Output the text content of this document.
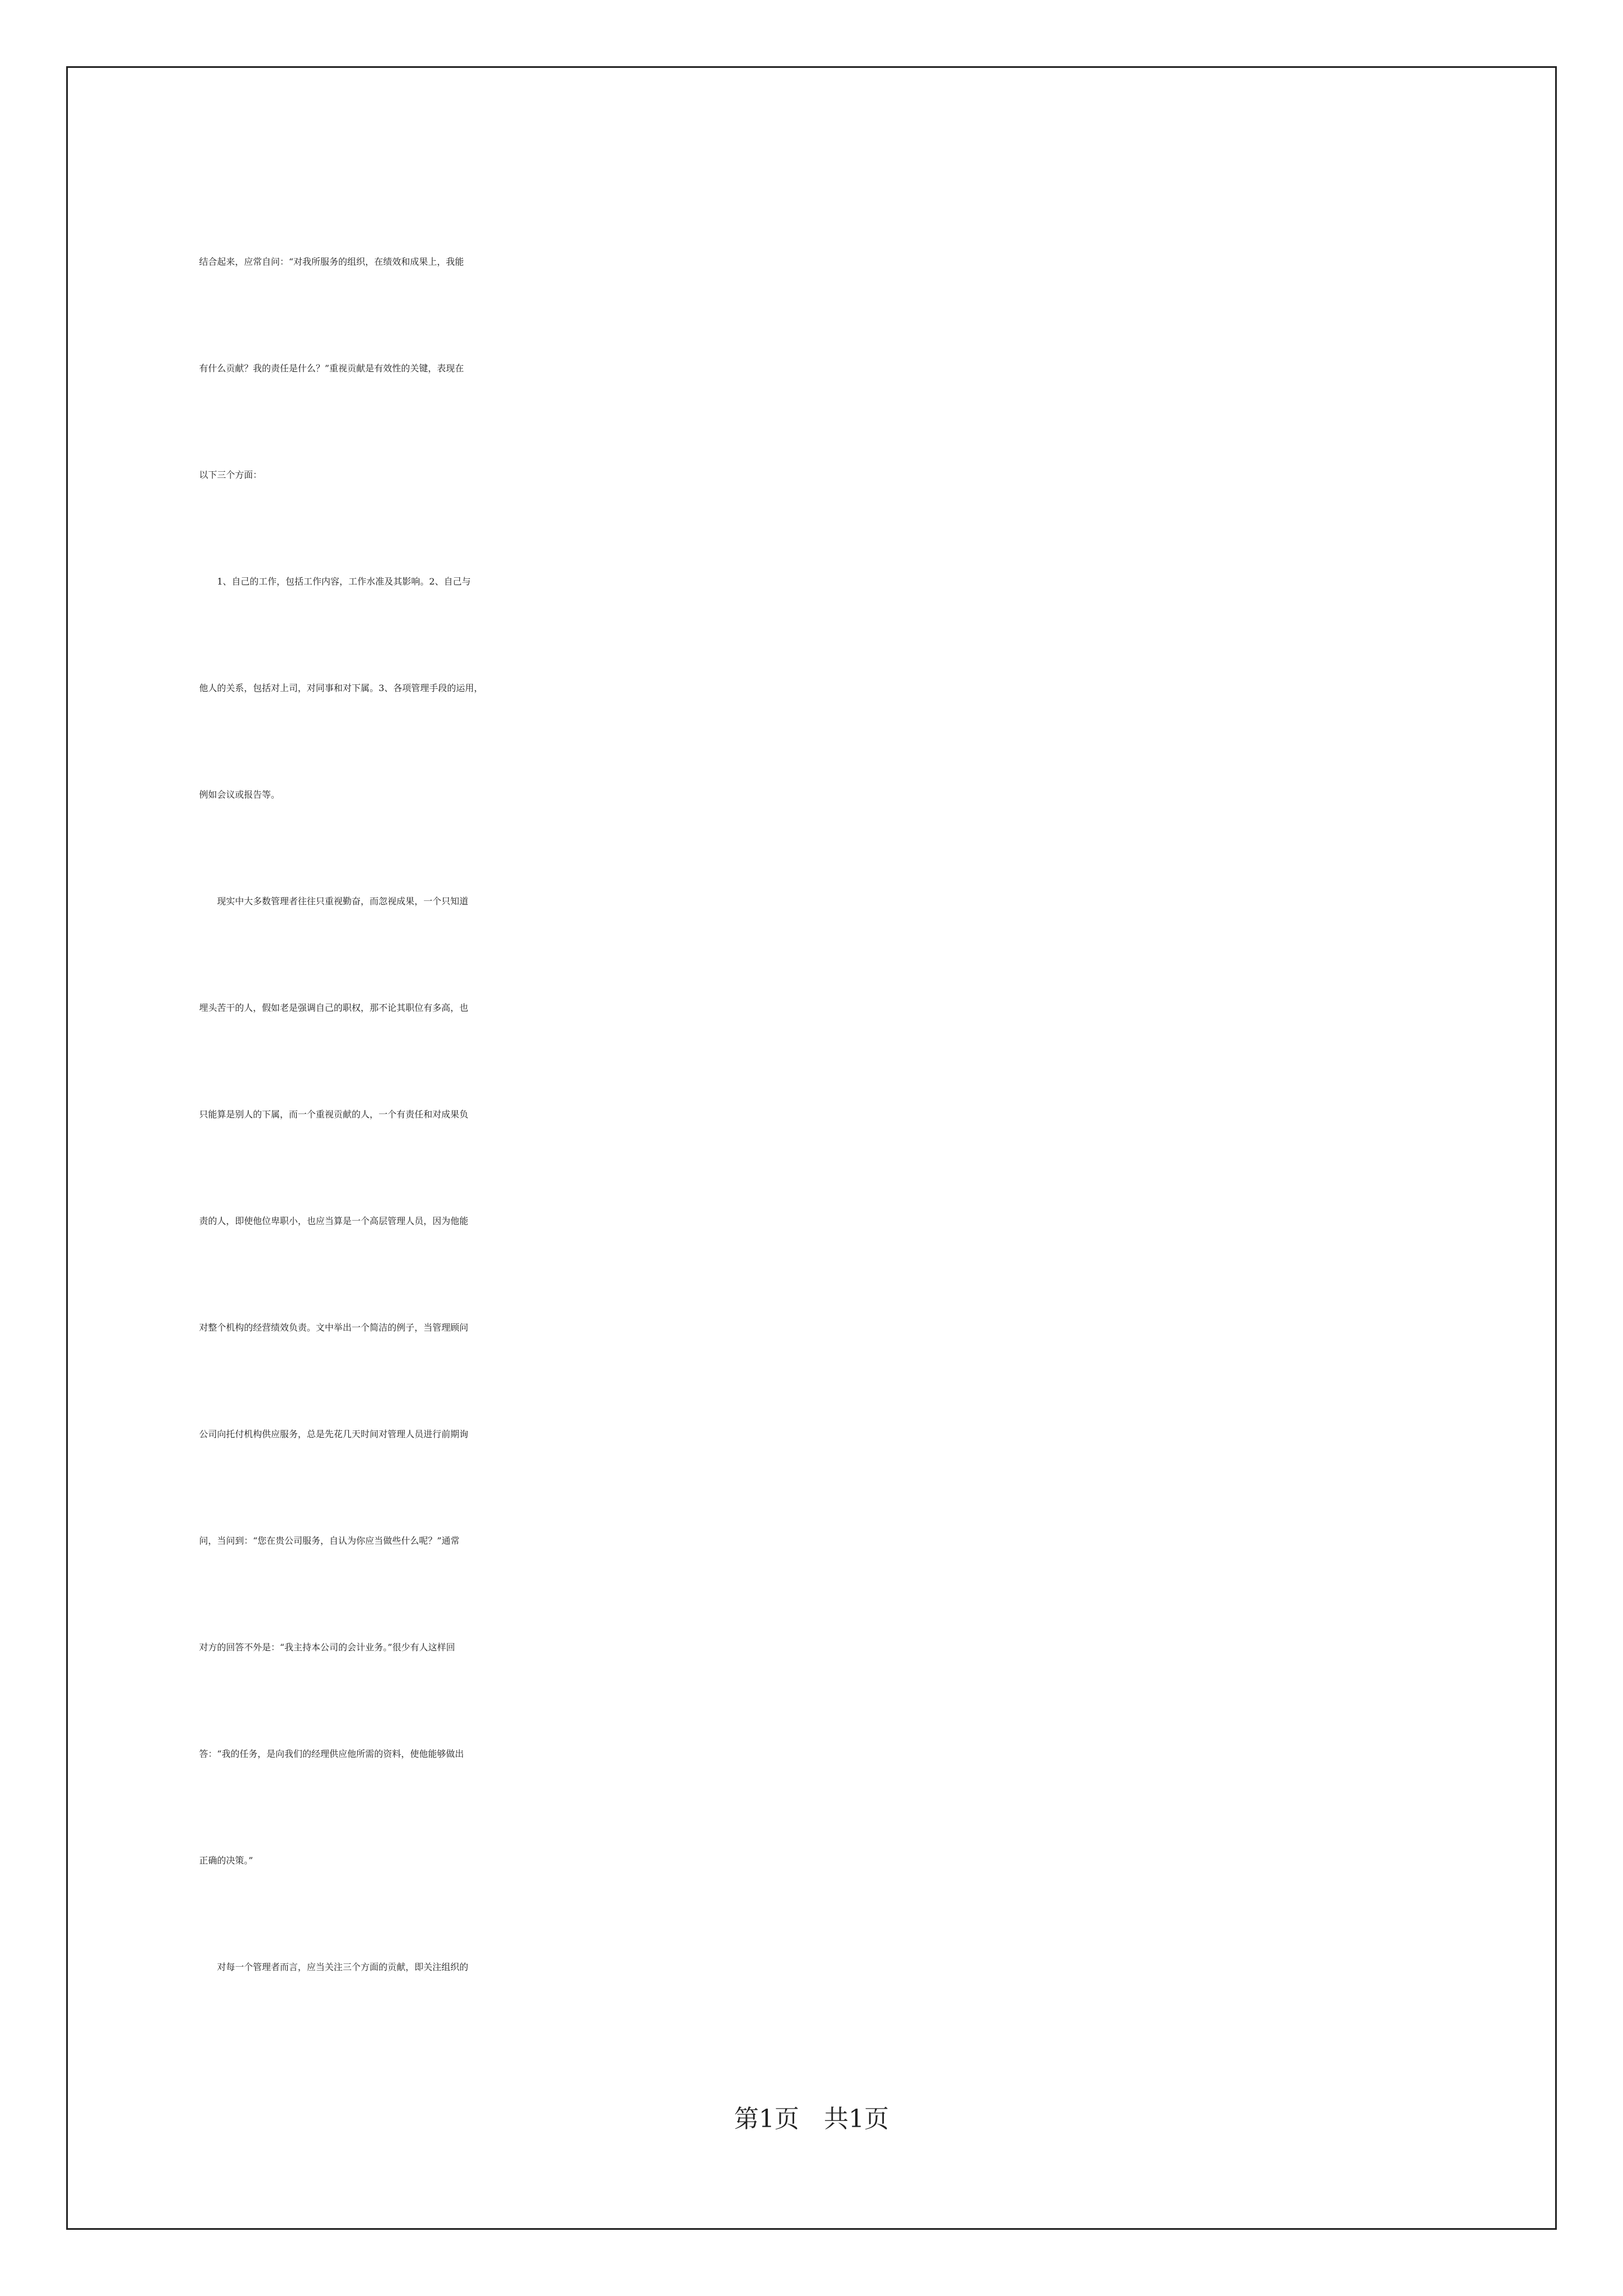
结合起来，应常自问：“对我所服务的组织，在绩效和成果上，我能
有什么贡献？我的责任是什么？”重视贡献是有效性的关键，表现在
以下三个方面：
　　1、自己的工作，包括工作内容，工作水准及其影响。2、自己与
他人的关系，包括对上司，对同事和对下属。3、各项管理手段的运用，
例如会议或报告等。
　　现实中大多数管理者往往只重视勤奋，而忽视成果，一个只知道
埋头苦干的人，假如老是强调自己的职权，那不论其职位有多高，也
只能算是别人的下属，而一个重视贡献的人，一个有责任和对成果负
责的人，即使他位卑职小，也应当算是一个高层管理人员，因为他能
对整个机构的经营绩效负责。文中举出一个简洁的例子，当管理顾问
公司向托付机构供应服务，总是先花几天时间对管理人员进行前期询
问，当问到：“您在贵公司服务，自认为你应当做些什么呢？”通常
对方的回答不外是：“我主持本公司的会计业务。”很少有人这样回
答：“我的任务，是向我们的经理供应他所需的资料，使他能够做出
正确的决策。”
　　对每一个管理者而言，应当关注三个方面的贡献，即关注组织的
第1页　共1页
